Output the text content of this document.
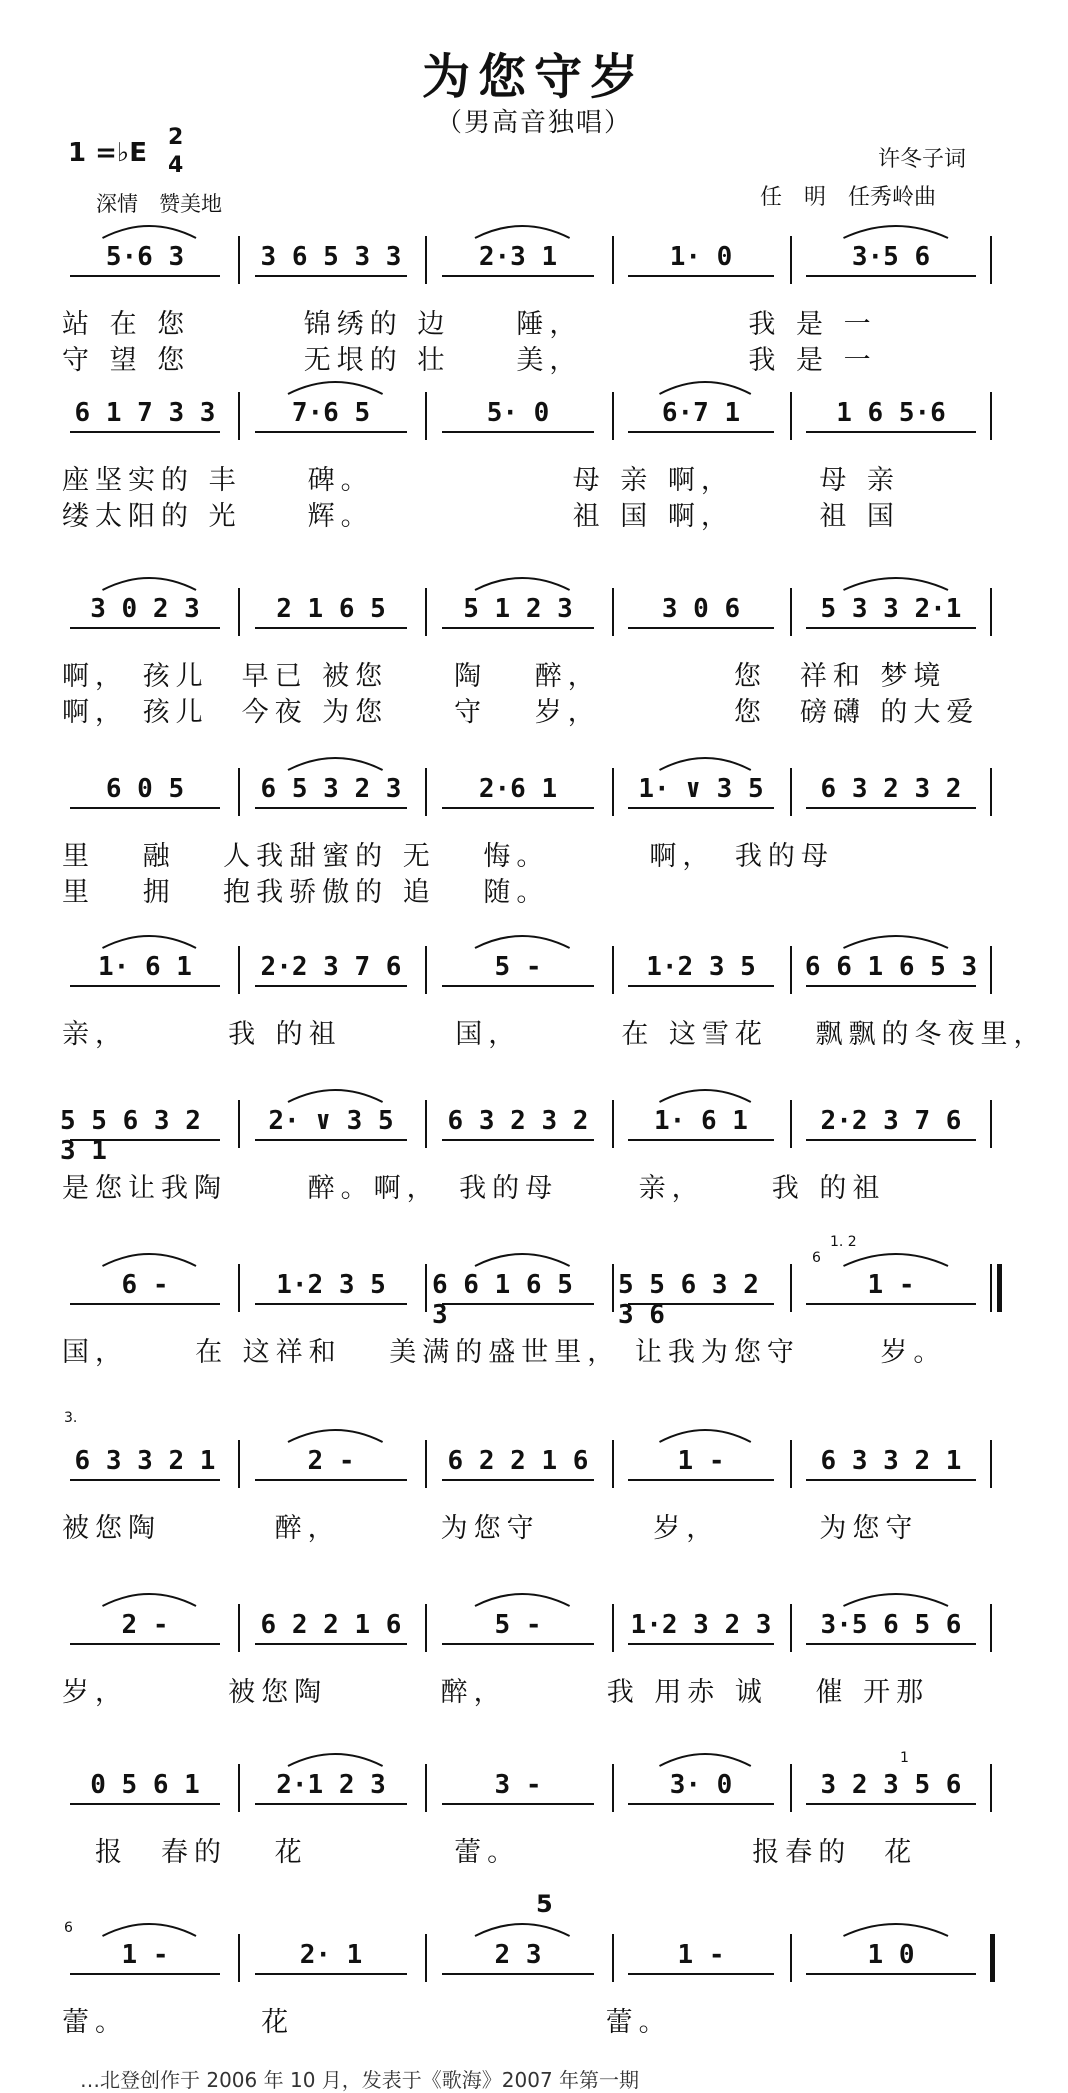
为您守岁
（男高音独唱）
1 =♭E
2
4	许冬子词
任　明　任秀岭曲
深情　赞美地
5·6 3	3 6 5 3 3	2·3 1	1· 0	3·5 6
站 在 您　　　 锦绣的 边　　陲，　　　　　 我 是 一
守 望 您　　　 无垠的 壮　　美，　　　　　 我 是 一
6 1 7 3 3	7·6 5	5· 0	6·7 1	1 6 5·6
座坚实的 丰　　碑。　　　　　　 母 亲 啊，　　　母 亲
缕太阳的 光　　辉。　　　　　　 祖 国 啊，　　　祖 国
3 0 2 3	2 1 6 5	5 1 2 3	3 0 6	5 3 3 2·1
啊， 孩儿　早已 被您　　陶　 醉，　　　　 您　祥和 梦境
啊， 孩儿　今夜 为您　　守　 岁，　　　　 您　磅礴 的大爱
6 0 5	6 5 3 2 3	2·6 1	1· ∨ 3 5	6 3 2 3 2
里　 融　 人我甜蜜的 无　 悔。　　　 啊，　我的母
里　 拥　 抱我骄傲的 追　 随。
1· 6 1	2·2 3 7 6	5 -	1·2 3 5	6 6 1 6 5 3
亲，　　　 我 的祖　　　 国，　　　 在 这雪花　 飘飘的冬夜里，
5 5 6 3 2 3 1
2· ∨ 3 5	6 3 2 3 2	1· 6 1	2·2 3 7 6
是您让我陶　　 醉。啊，　我的母　　 亲，　　 我 的祖
6 -	1·2 3 5	6 6 1 6 5 3
5 5 6 3 2 3 6
1 -
1. 2
6
国，　　 在 这祥和　 美满的盛世里， 让我为您守　　 岁。
6 3 3 2 1	2 -	6 2 2 1 6	1 -	6 3 3 2 1
3.
被您陶　　　 醉，　　　 为您守　　　 岁，　　　 为您守
2 -	6 2 2 1 6	5 -	1·2 3 2 3	3·5 6 5 6
岁，　　　 被您陶　　　 醉，　　　 我 用赤 诚　 催 开那
0 5 6 1	2·1 2 3	3 -	3· 0	3 2 3 5 6
1
　报　春的　 花　　　　 蕾。　　　　　　　 报春的　花
1 -	2· 1	2 3	1 -	1 0
6
5
蕾。　　　　 花　　　　　　　　　 蕾。
…北登创作于 2006 年 10 月，发表于《歌海》2007 年第一期
